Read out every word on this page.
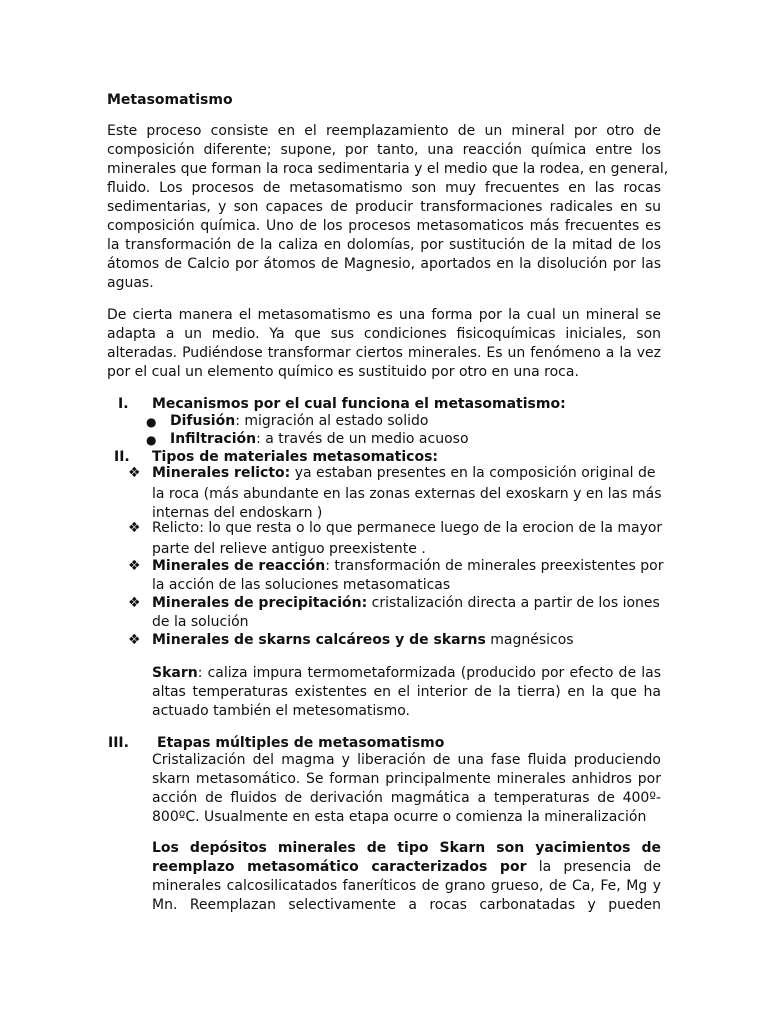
Metasomatismo
Este proceso consiste en el reemplazamiento de un mineral por otro de
composición diferente; supone, por tanto, una reacción química entre los
minerales que forman la roca sedimentaria y el medio que la rodea, en general,
fluido. Los procesos de metasomatismo son muy frecuentes en las rocas
sedimentarias, y son capaces de producir transformaciones radicales en su
composición química. Uno de los procesos metasomaticos más frecuentes es
la transformación de la caliza en dolomías, por sustitución de la mitad de los
átomos de Calcio por átomos de Magnesio, aportados en la disolución por las
aguas.
De cierta manera el metasomatismo es una forma por la cual un mineral se
adapta a un medio. Ya que sus condiciones fisicoquímicas iniciales, son
alteradas. Pudiéndose transformar ciertos minerales. Es un fenómeno a la vez
por el cual un elemento químico es sustituido por otro en una roca.
I. Mecanismos por el cual funciona el metasomatismo:
● Difusión: migración al estado solido
● Infiltración: a través de un medio acuoso
II. Tipos de materiales metasomaticos:
❖ Minerales relicto: ya estaban presentes en la composición original de
la roca (más abundante en las zonas externas del exoskarn y en las más
internas del endoskarn )
❖ Relicto: lo que resta o lo que permanece luego de la erocion de la mayor
parte del relieve antiguo preexistente .
❖ Minerales de reacción: transformación de minerales preexistentes por
la acción de las soluciones metasomaticas
❖ Minerales de precipitación: cristalización directa a partir de los iones
de la solución
❖ Minerales de skarns calcáreos y de skarns magnésicos
Skarn: caliza impura termometaformizada (producido por efecto de las
altas temperaturas existentes en el interior de la tierra) en la que ha
actuado también el metesomatismo.
III. Etapas múltiples de metasomatismo
Cristalización del magma y liberación de una fase fluida produciendo
skarn metasomático. Se forman principalmente minerales anhidros por
acción de fluidos de derivación magmática a temperaturas de 400º-
800ºC. Usualmente en esta etapa ocurre o comienza la mineralización
Los depósitos minerales de tipo Skarn son yacimientos de
reemplazo metasomático caracterizados por la presencia de
minerales calcosilicatados faneríticos de grano grueso, de Ca, Fe, Mg y
Mn. Reemplazan selectivamente a rocas carbonatadas y pueden
